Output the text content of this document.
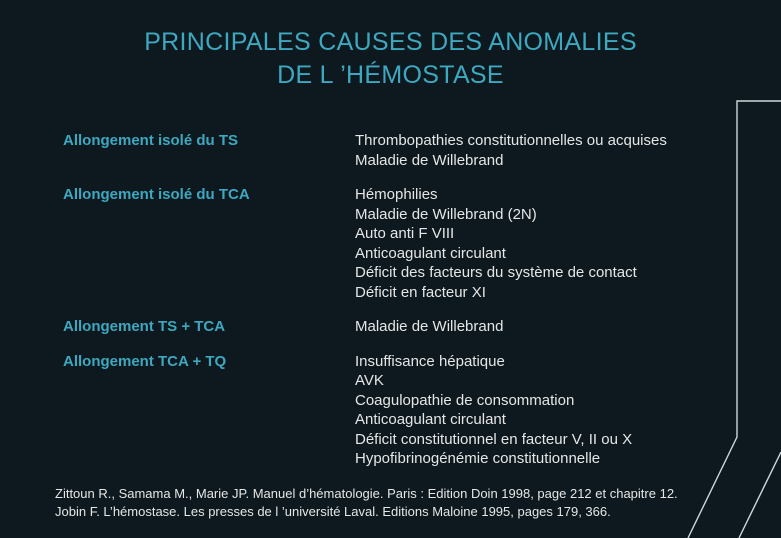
PRINCIPALES CAUSES DES ANOMALIES
DE L ’HÉMOSTASE
Allongement isolé du TS	Thrombopathies constitutionnelles ou acquises
Maladie de Willebrand
Allongement isolé du TCA	Hémophilies
Maladie de Willebrand (2N)
Auto anti F VIII
Anticoagulant circulant
Déficit des facteurs du système de contact
Déficit en facteur XI
Allongement TS + TCA	Maladie de Willebrand
Allongement TCA + TQ	Insuffisance hépatique
AVK
Coagulopathie de consommation
Anticoagulant circulant
Déficit constitutionnel en facteur V, II ou X
Hypofibrinogénémie constitutionnelle
Zittoun R., Samama M., Marie JP. Manuel d’hématologie. Paris : Edition Doin 1998, page 212 et chapitre 12.
Jobin F. L’hémostase. Les presses de l ’université Laval. Editions Maloine 1995, pages 179, 366.
